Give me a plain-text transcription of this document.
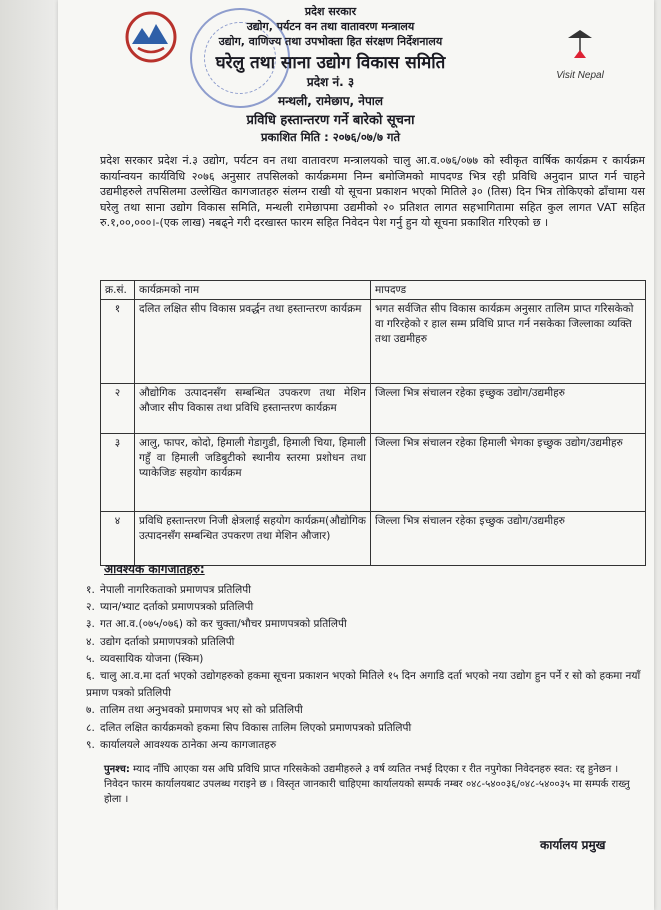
Visit Nepal
प्रदेश सरकार
उद्योग, पर्यटन वन तथा वातावरण मन्त्रालय
उद्योग, वाणिज्य तथा उपभोक्ता हित संरक्षण निर्देशनालय
घरेलु तथा साना उद्योग विकास समिति
प्रदेश नं. ३
मन्थली, रामेछाप, नेपाल
प्रविधि हस्तान्तरण गर्ने बारेको सूचना
प्रकाशित मिति : २०७६/०७/७ गते

प्रदेश सरकार प्रदेश नं.३ उद्योग, पर्यटन वन तथा वातावरण मन्त्रालयको चालु आ.व.०७६/०७७ को स्वीकृत वार्षिक कार्यक्रम र कार्यक्रम कार्यान्वयन कार्यविधि २०७६ अनुसार तपसिलको कार्यक्रममा निम्न बमोजिमको मापदण्ड भित्र रही प्रविधि अनुदान प्राप्त गर्न चाहने उद्यमीहरुले तपसिलमा उल्लेखित कागजातहरु संलग्न राखी यो सूचना प्रकाशन भएको मितिले ३० (तिस) दिन भित्र तोकिएको ढाँचामा यस घरेलु तथा साना उद्योग विकास समिति, मन्थली रामेछापमा उद्यमीको २० प्रतिशत लागत सहभागितामा सहित कुल लागत VAT सहित रु.१,००,०००।-(एक लाख) नबढ्ने गरी दरखास्त फारम सहित निवेदन पेश गर्नु हुन यो सूचना प्रकाशित गरिएको छ ।

क्र.सं.	कार्यक्रमको नाम	मापदण्ड
१	दलित लक्षित सीप विकास प्रवर्द्धन तथा हस्तान्तरण कार्यक्रम	भगत सर्वजित सीप विकास कार्यक्रम अनुसार तालिम प्राप्त गरिसकेको वा गरिरहेको र हाल सम्म प्रविधि प्राप्त गर्न नसकेका जिल्लाका व्यक्ति तथा उद्यमीहरु
२	औद्योगिक उत्पादनसँग सम्बन्धित उपकरण तथा मेशिन औजार सीप विकास तथा प्रविधि हस्तान्तरण कार्यक्रम	जिल्ला भित्र संचालन रहेका इच्छुक उद्योग/उद्यमीहरु
३	आलु, फापर, कोदो, हिमाली गेडागुडी, हिमाली चिया, हिमाली गहुँ वा हिमाली जडिबुटीको स्थानीय स्तरमा प्रशोधन तथा प्याकेजिङ सहयोग कार्यक्रम	जिल्ला भित्र संचालन रहेका हिमाली भेगका इच्छुक उद्योग/उद्यमीहरु
४	प्रविधि हस्तान्तरण निजी क्षेत्रलाई सहयोग कार्यक्रम(औद्योगिक उत्पादनसँग सम्बन्धित उपकरण तथा मेशिन औजार)	जिल्ला भित्र संचालन रहेका इच्छुक उद्योग/उद्यमीहरु
आवश्यक कागजातहरु:
१. नेपाली नागरिकताको प्रमाणपत्र प्रतिलिपी
२. प्यान/भ्याट दर्ताको प्रमाणपत्रको प्रतिलिपी
३. गत आ.व.(०७५/०७६) को कर चुक्ता/भौचर प्रमाणपत्रको प्रतिलिपी
४. उद्योग दर्ताको प्रमाणपत्रको प्रतिलिपी
५. व्यवसायिक योजना (स्किम)
६. चालु आ.व.मा दर्ता भएको उद्योगहरुको हकमा सूचना प्रकाशन भएको मितिले १५ दिन अगाडि दर्ता भएको नया उद्योग हुन पर्ने र सो को हकमा नयाँ प्रमाण पत्रको प्रतिलिपी
७. तालिम तथा अनुभवको प्रमाणपत्र भए सो को प्रतिलिपी
८. दलित लक्षित कार्यक्रमको हकमा सिप विकास तालिम लिएको प्रमाणपत्रको प्रतिलिपी
९. कार्यालयले आवश्यक ठानेका अन्य कागजातहरु

पुनश्च: म्याद नाँघि आएका यस अघि प्रविधि प्राप्त गरिसकेको उद्यमीहरुले ३ वर्ष व्यतित नभई दिएका र रीत नपुगेका निवेदनहरु स्वत: रद्द हुनेछन । निवेदन फारम कार्यालयबाट उपलब्ध गराइने छ । विस्तृत जानकारी चाहिएमा कार्यालयको सम्पर्क नम्बर ०४८-५४००३६/०४८-५४००३५ मा सम्पर्क राख्नु होला ।

कार्यालय प्रमुख
